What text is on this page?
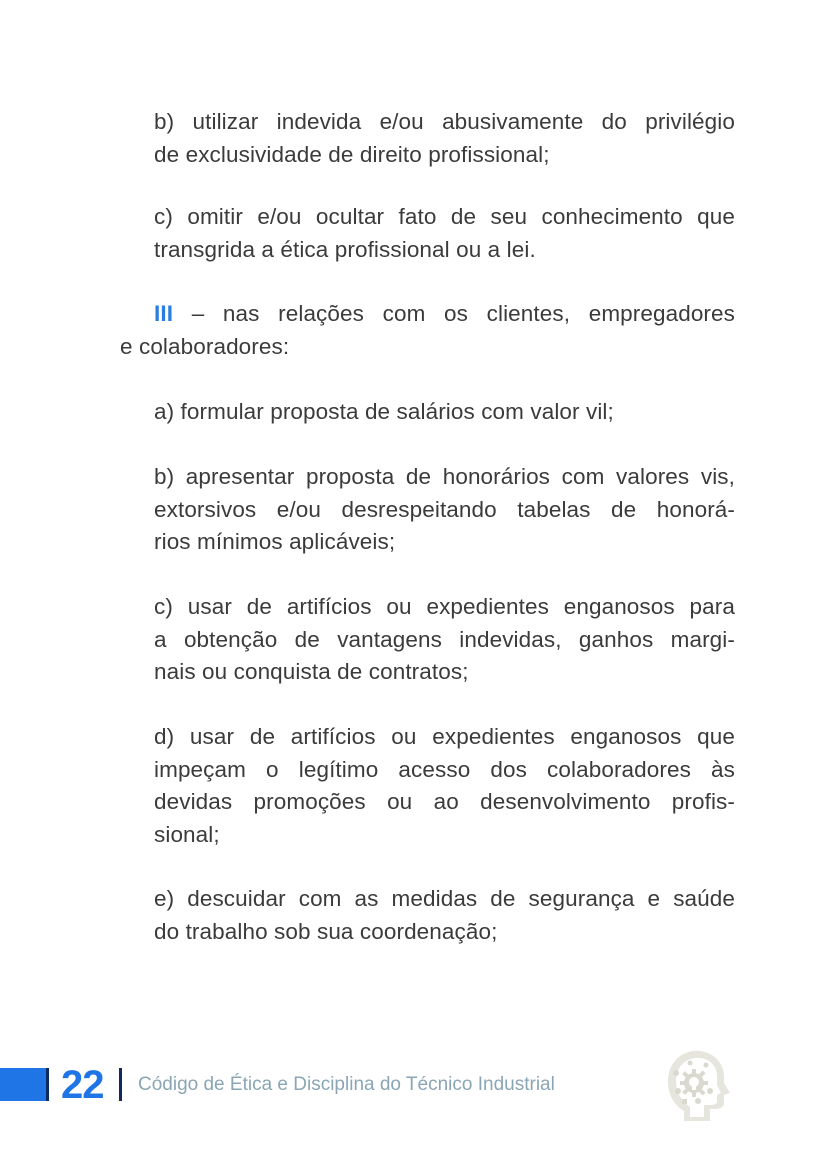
b) utilizar indevida e/ou abusivamente do privilégio
de exclusividade de direito profissional;
c) omitir e/ou ocultar fato de seu conhecimento que
transgrida a ética profissional ou a lei.
III – nas relações com os clientes, empregadores
e colaboradores:
a) formular proposta de salários com valor vil;
b) apresentar proposta de honorários com valores vis,
extorsivos e/ou desrespeitando tabelas de honorá-
rios mínimos aplicáveis;
c) usar de artifícios ou expedientes enganosos para
a obtenção de vantagens indevidas, ganhos margi-
nais ou conquista de contratos;
d) usar de artifícios ou expedientes enganosos que
impeçam o legítimo acesso dos colaboradores às
devidas promoções ou ao desenvolvimento profis-
sional;
e) descuidar com as medidas de segurança e saúde
do trabalho sob sua coordenação;
22 Código de Ética e Disciplina do Técnico Industrial
